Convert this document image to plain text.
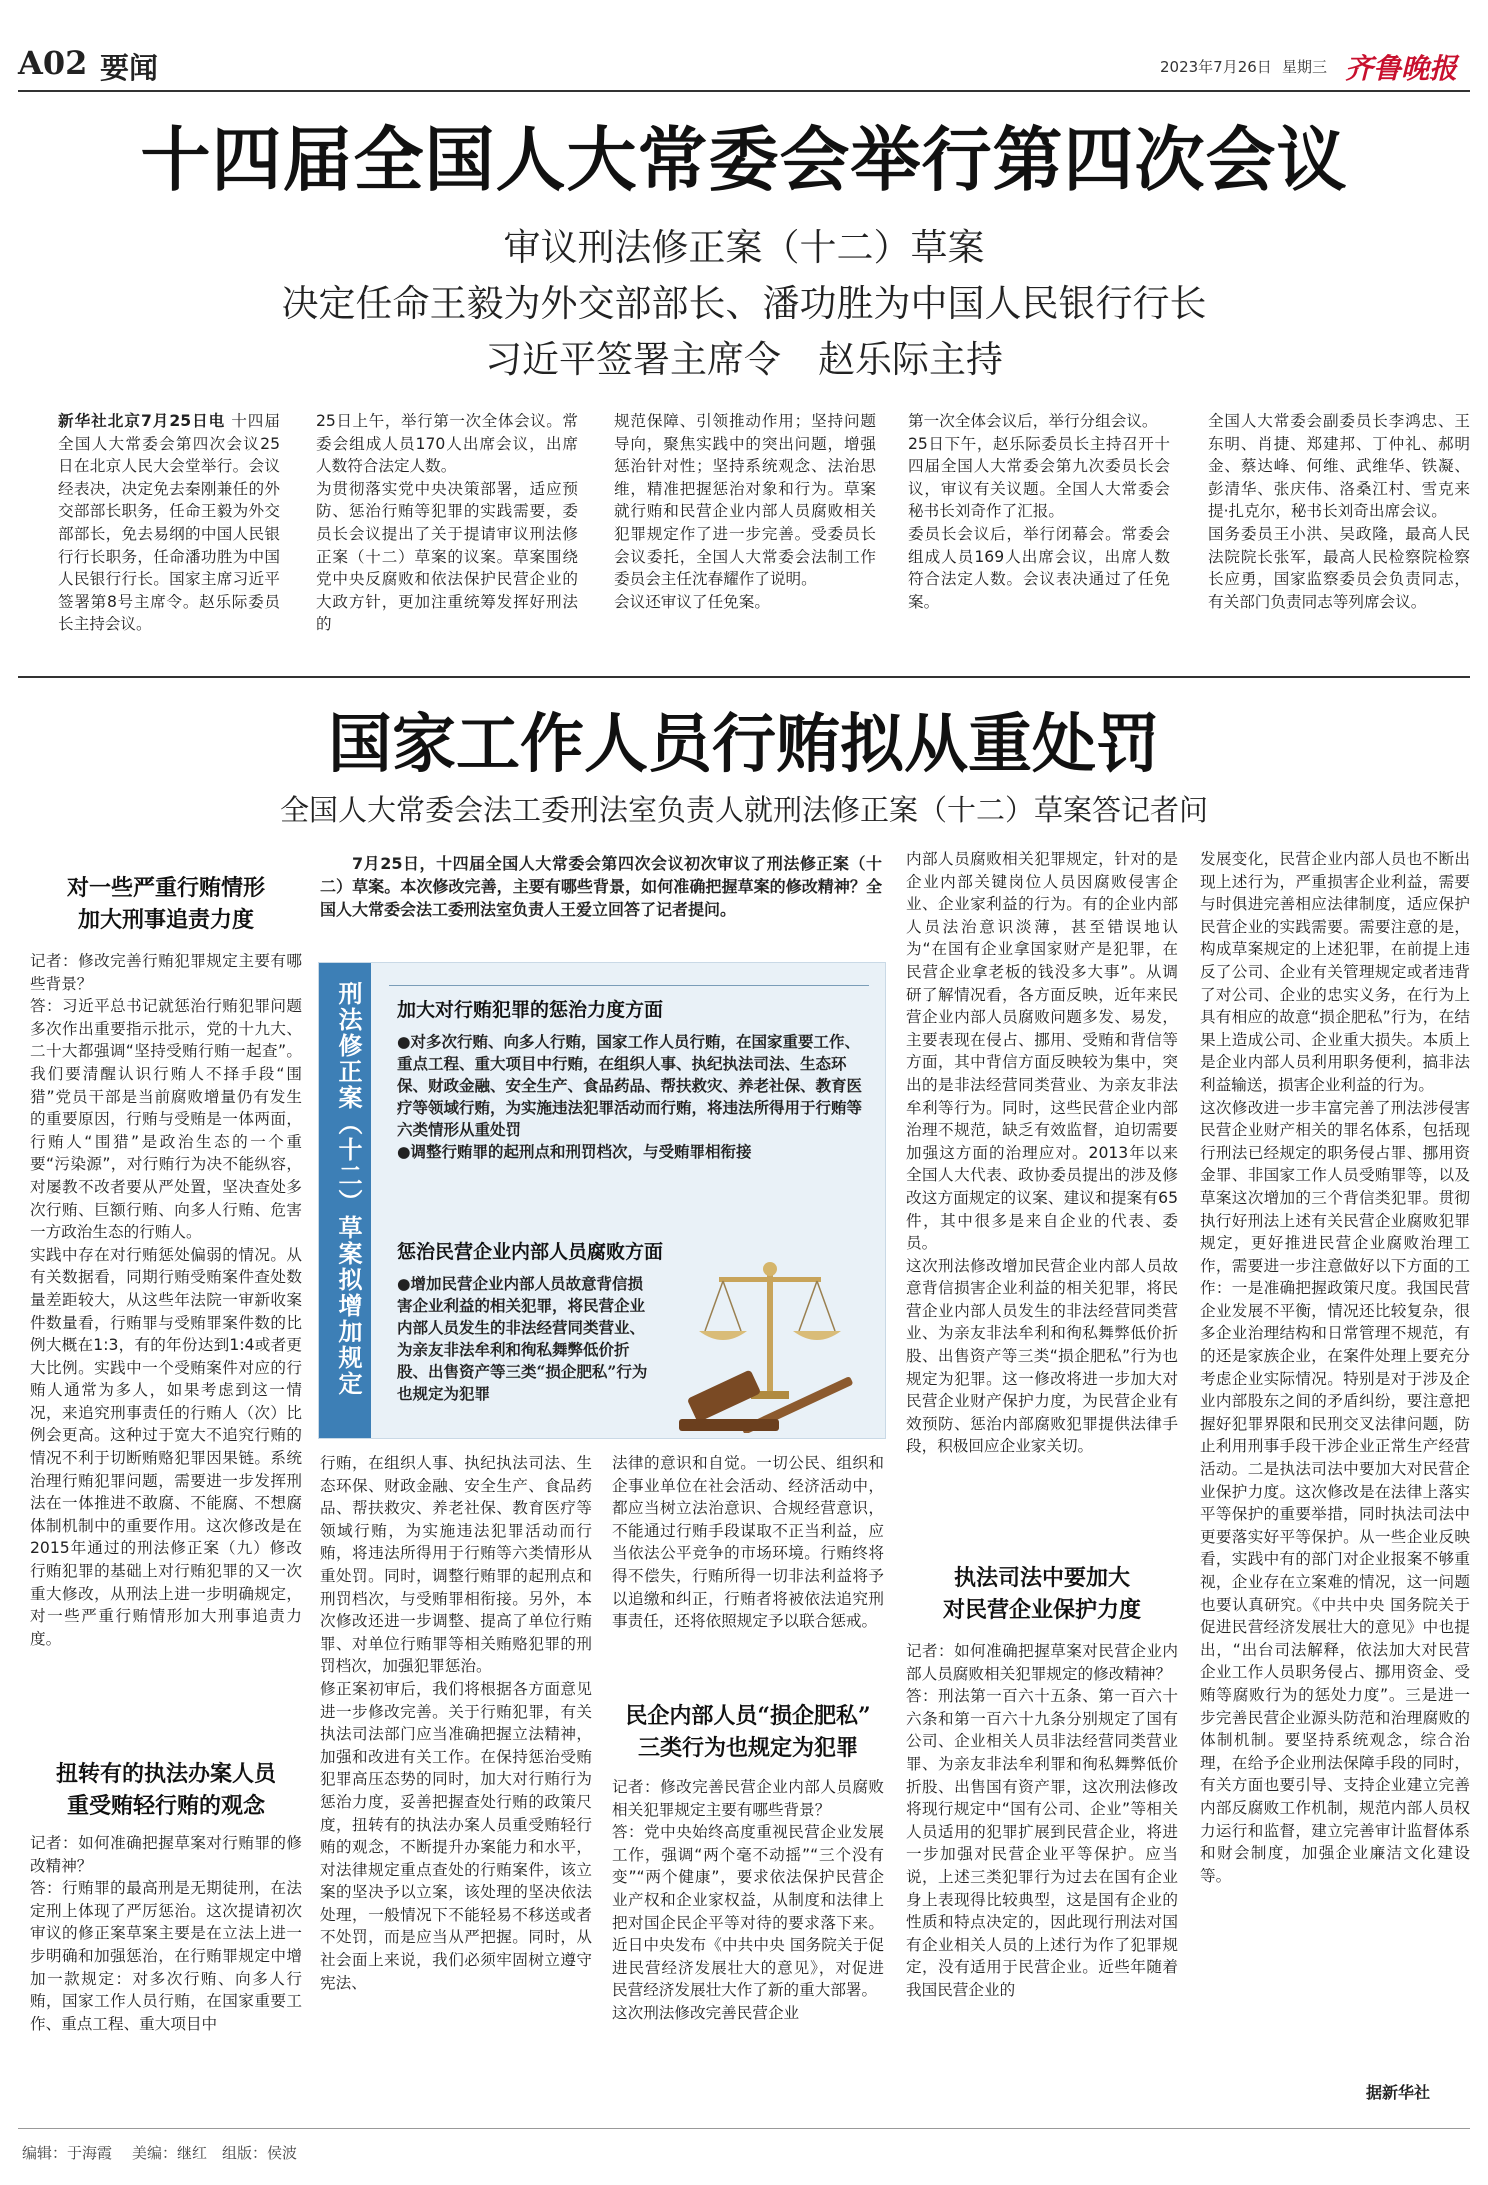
A02 要闻	2023年7月26日 星期三 齐鲁晚报
十四届全国人大常委会举行第四次会议
审议刑法修正案（十二）草案
决定任命王毅为外交部部长、潘功胜为中国人民银行行长
习近平签署主席令　赵乐际主持
新华社北京7月25日电 十四届全国人大常委会第四次会议25日在北京人民大会堂举行。会议经表决，决定免去秦刚兼任的外交部部长职务，任命王毅为外交部部长，免去易纲的中国人民银行行长职务，任命潘功胜为中国人民银行行长。国家主席习近平签署第8号主席令。赵乐际委员长主持会议。
25日上午，举行第一次全体会议。常委会组成人员170人出席会议，出席人数符合法定人数。
为贯彻落实党中央决策部署，适应预防、惩治行贿等犯罪的实践需要，委员长会议提出了关于提请审议刑法修正案（十二）草案的议案。草案围绕党中央反腐败和依法保护民营企业的大政方针，更加注重统筹发挥好刑法的
规范保障、引领推动作用；坚持问题导向，聚焦实践中的突出问题，增强惩治针对性；坚持系统观念、法治思维，精准把握惩治对象和行为。草案就行贿和民营企业内部人员腐败相关犯罪规定作了进一步完善。受委员长会议委托，全国人大常委会法制工作委员会主任沈春耀作了说明。
会议还审议了任免案。
第一次全体会议后，举行分组会议。
25日下午，赵乐际委员长主持召开十四届全国人大常委会第九次委员长会议，审议有关议题。全国人大常委会秘书长刘奇作了汇报。
委员长会议后，举行闭幕会。常委会组成人员169人出席会议，出席人数符合法定人数。会议表决通过了任免案。
全国人大常委会副委员长李鸿忠、王东明、肖捷、郑建邦、丁仲礼、郝明金、蔡达峰、何维、武维华、铁凝、彭清华、张庆伟、洛桑江村、雪克来提·扎克尔，秘书长刘奇出席会议。
国务委员王小洪、吴政隆，最高人民法院院长张军，最高人民检察院检察长应勇，国家监察委员会负责同志，有关部门负责同志等列席会议。
国家工作人员行贿拟从重处罚
全国人大常委会法工委刑法室负责人就刑法修正案（十二）草案答记者问
对一些严重行贿情形
加大刑事追责力度
记者：修改完善行贿犯罪规定主要有哪些背景？
答：习近平总书记就惩治行贿犯罪问题多次作出重要指示批示，党的十九大、二十大都强调“坚持受贿行贿一起查”。我们要清醒认识行贿人不择手段“围猎”党员干部是当前腐败增量仍有发生的重要原因，行贿与受贿是一体两面，行贿人“围猎”是政治生态的一个重要“污染源”，对行贿行为决不能纵容，对屡教不改者要从严处置，坚决查处多次行贿、巨额行贿、向多人行贿、危害一方政治生态的行贿人。
实践中存在对行贿惩处偏弱的情况。从有关数据看，同期行贿受贿案件查处数量差距较大，从这些年法院一审新收案件数量看，行贿罪与受贿罪案件数的比例大概在1:3，有的年份达到1:4或者更大比例。实践中一个受贿案件对应的行贿人通常为多人，如果考虑到这一情况，来追究刑事责任的行贿人（次）比例会更高。这种过于宽大不追究行贿的情况不利于切断贿赂犯罪因果链。系统治理行贿犯罪问题，需要进一步发挥刑法在一体推进不敢腐、不能腐、不想腐体制机制中的重要作用。这次修改是在2015年通过的刑法修正案（九）修改行贿犯罪的基础上对行贿犯罪的又一次重大修改，从刑法上进一步明确规定，对一些严重行贿情形加大刑事追责力度。
扭转有的执法办案人员
重受贿轻行贿的观念
记者：如何准确把握草案对行贿罪的修改精神？
答：行贿罪的最高刑是无期徒刑，在法定刑上体现了严厉惩治。这次提请初次审议的修正案草案主要是在立法上进一步明确和加强惩治，在行贿罪规定中增加一款规定：对多次行贿、向多人行贿，国家工作人员行贿，在国家重要工作、重点工程、重大项目中
7月25日，十四届全国人大常委会第四次会议初次审议了刑法修正案（十二）草案。本次修改完善，主要有哪些背景，如何准确把握草案的修改精神？全国人大常委会法工委刑法室负责人王爱立回答了记者提问。
刑法修正案（十二）草案拟增加规定 加大对行贿犯罪的惩治力度方面
●对多次行贿、向多人行贿，国家工作人员行贿，在国家重要工作、重点工程、重大项目中行贿，在组织人事、执纪执法司法、生态环保、财政金融、安全生产、食品药品、帮扶救灾、养老社保、教育医疗等领域行贿，为实施违法犯罪活动而行贿，将违法所得用于行贿等六类情形从重处罚
●调整行贿罪的起刑点和刑罚档次，与受贿罪相衔接
惩治民营企业内部人员腐败方面
●增加民营企业内部人员故意背信损害企业利益的相关犯罪，将民营企业内部人员发生的非法经营同类营业、为亲友非法牟利和徇私舞弊低价折股、出售资产等三类“损企肥私”行为也规定为犯罪
行贿，在组织人事、执纪执法司法、生态环保、财政金融、安全生产、食品药品、帮扶救灾、养老社保、教育医疗等领域行贿，为实施违法犯罪活动而行贿，将违法所得用于行贿等六类情形从重处罚。同时，调整行贿罪的起刑点和刑罚档次，与受贿罪相衔接。另外，本次修改还进一步调整、提高了单位行贿罪、对单位行贿罪等相关贿赂犯罪的刑罚档次，加强犯罪惩治。
修正案初审后，我们将根据各方面意见进一步修改完善。关于行贿犯罪，有关执法司法部门应当准确把握立法精神，加强和改进有关工作。在保持惩治受贿犯罪高压态势的同时，加大对行贿行为惩治力度，妥善把握查处行贿的政策尺度，扭转有的执法办案人员重受贿轻行贿的观念，不断提升办案能力和水平，对法律规定重点查处的行贿案件，该立案的坚决予以立案，该处理的坚决依法处理，一般情况下不能轻易不移送或者不处罚，而是应当从严把握。同时，从社会面上来说，我们必须牢固树立遵守宪法、
法律的意识和自觉。一切公民、组织和企事业单位在社会活动、经济活动中，都应当树立法治意识、合规经营意识，不能通过行贿手段谋取不正当利益，应当依法公平竞争的市场环境。行贿终将得不偿失，行贿所得一切非法利益将予以追缴和纠正，行贿者将被依法追究刑事责任，还将依照规定予以联合惩戒。
民企内部人员“损企肥私”
三类行为也规定为犯罪
记者：修改完善民营企业内部人员腐败相关犯罪规定主要有哪些背景？
答：党中央始终高度重视民营企业发展工作，强调“两个毫不动摇”“三个没有变”“两个健康”，要求依法保护民营企业产权和企业家权益，从制度和法律上把对国企民企平等对待的要求落下来。近日中央发布《中共中央 国务院关于促进民营经济发展壮大的意见》，对促进民营经济发展壮大作了新的重大部署。
这次刑法修改完善民营企业
内部人员腐败相关犯罪规定，针对的是企业内部关键岗位人员因腐败侵害企业、企业家利益的行为。有的企业内部人员法治意识淡薄，甚至错误地认为“在国有企业拿国家财产是犯罪，在民营企业拿老板的钱没多大事”。从调研了解情况看，各方面反映，近年来民营企业内部人员腐败问题多发、易发，主要表现在侵占、挪用、受贿和背信等方面，其中背信方面反映较为集中，突出的是非法经营同类营业、为亲友非法牟利等行为。同时，这些民营企业内部治理不规范，缺乏有效监督，迫切需要加强这方面的治理应对。2013年以来全国人大代表、政协委员提出的涉及修改这方面规定的议案、建议和提案有65件，其中很多是来自企业的代表、委员。
这次刑法修改增加民营企业内部人员故意背信损害企业利益的相关犯罪，将民营企业内部人员发生的非法经营同类营业、为亲友非法牟利和徇私舞弊低价折股、出售资产等三类“损企肥私”行为也规定为犯罪。这一修改将进一步加大对民营企业财产保护力度，为民营企业有效预防、惩治内部腐败犯罪提供法律手段，积极回应企业家关切。
执法司法中要加大
对民营企业保护力度
记者：如何准确把握草案对民营企业内部人员腐败相关犯罪规定的修改精神？
答：刑法第一百六十五条、第一百六十六条和第一百六十九条分别规定了国有公司、企业相关人员非法经营同类营业罪、为亲友非法牟利罪和徇私舞弊低价折股、出售国有资产罪，这次刑法修改将现行规定中“国有公司、企业”等相关人员适用的犯罪扩展到民营企业，将进一步加强对民营企业平等保护。应当说，上述三类犯罪行为过去在国有企业身上表现得比较典型，这是国有企业的性质和特点决定的，因此现行刑法对国有企业相关人员的上述行为作了犯罪规定，没有适用于民营企业。近些年随着我国民营企业的
发展变化，民营企业内部人员也不断出现上述行为，严重损害企业利益，需要与时俱进完善相应法律制度，适应保护民营企业的实践需要。需要注意的是，构成草案规定的上述犯罪，在前提上违反了公司、企业有关管理规定或者违背了对公司、企业的忠实义务，在行为上具有相应的故意“损企肥私”行为，在结果上造成公司、企业重大损失。本质上是企业内部人员利用职务便利，搞非法利益输送，损害企业利益的行为。
这次修改进一步丰富完善了刑法涉侵害民营企业财产相关的罪名体系，包括现行刑法已经规定的职务侵占罪、挪用资金罪、非国家工作人员受贿罪等，以及草案这次增加的三个背信类犯罪。贯彻执行好刑法上述有关民营企业腐败犯罪规定，更好推进民营企业腐败治理工作，需要进一步注意做好以下方面的工作：一是准确把握政策尺度。我国民营企业发展不平衡，情况还比较复杂，很多企业治理结构和日常管理不规范，有的还是家族企业，在案件处理上要充分考虑企业实际情况。特别是对于涉及企业内部股东之间的矛盾纠纷，要注意把握好犯罪界限和民刑交叉法律问题，防止利用刑事手段干涉企业正常生产经营活动。二是执法司法中要加大对民营企业保护力度。这次修改是在法律上落实平等保护的重要举措，同时执法司法中更要落实好平等保护。从一些企业反映看，实践中有的部门对企业报案不够重视，企业存在立案难的情况，这一问题也要认真研究。《中共中央 国务院关于促进民营经济发展壮大的意见》中也提出，“出台司法解释，依法加大对民营企业工作人员职务侵占、挪用资金、受贿等腐败行为的惩处力度”。三是进一步完善民营企业源头防范和治理腐败的体制机制。要坚持系统观念，综合治理，在给予企业刑法保障手段的同时，有关方面也要引导、支持企业建立完善内部反腐败工作机制，规范内部人员权力运行和监督，建立完善审计监督体系和财会制度，加强企业廉洁文化建设等。
据新华社
编辑：于海霞 美编：继红 组版：侯波
